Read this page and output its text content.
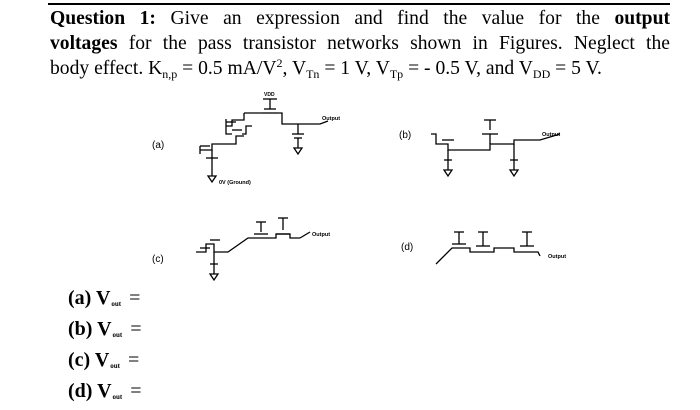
Question 1: Give an expression and find the value for the output
voltages for the pass transistor networks shown in Figures. Neglect the
body effect. $K_{n,p} = 0.5$ $mA/V^2$, $V_{Tn} = 1$ V, $V_{Tp}$ = - 0.5 V, and $V_{DD} = 5$ V.
(a)
VDD
Output
0V (Ground)
(b)	Output
(c)
Output
(d)
Output
(a) Vout =
(b) Vout =
(c) Vout =
(d) Vout =
